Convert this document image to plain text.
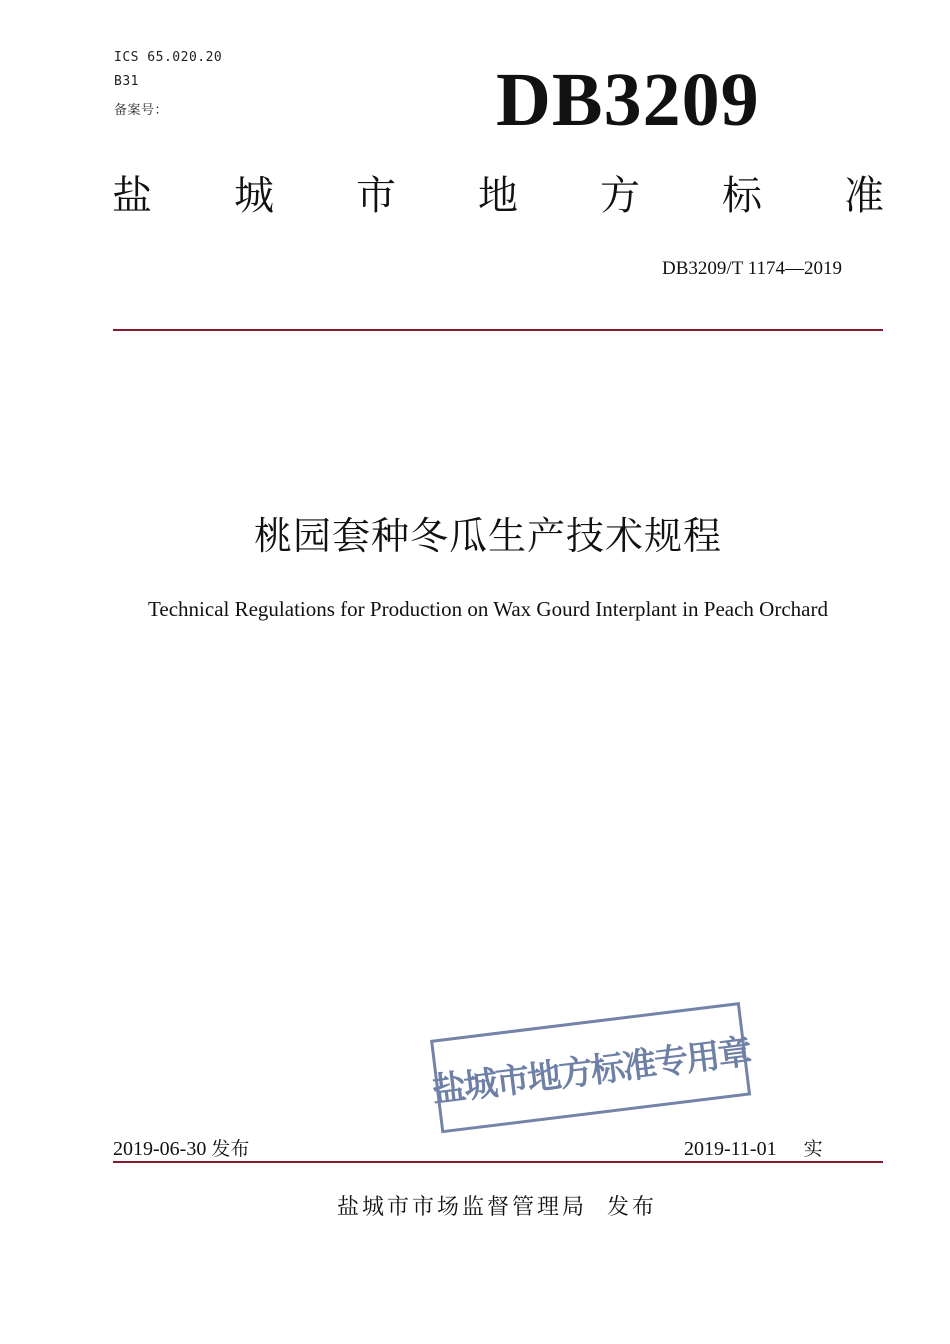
ICS 65.020.20
B31
备案号：	DB3209
盐 城 市 地 方 标 准
DB3209/T 1174—2019
桃园套种冬瓜生产技术规程
Technical Regulations for Production on Wax Gourd Interplant in Peach Orchard
盐城市地方标准专用章
2019-06-30 发布	2019-11-01 实
盐城市市场监督管理局  发布
